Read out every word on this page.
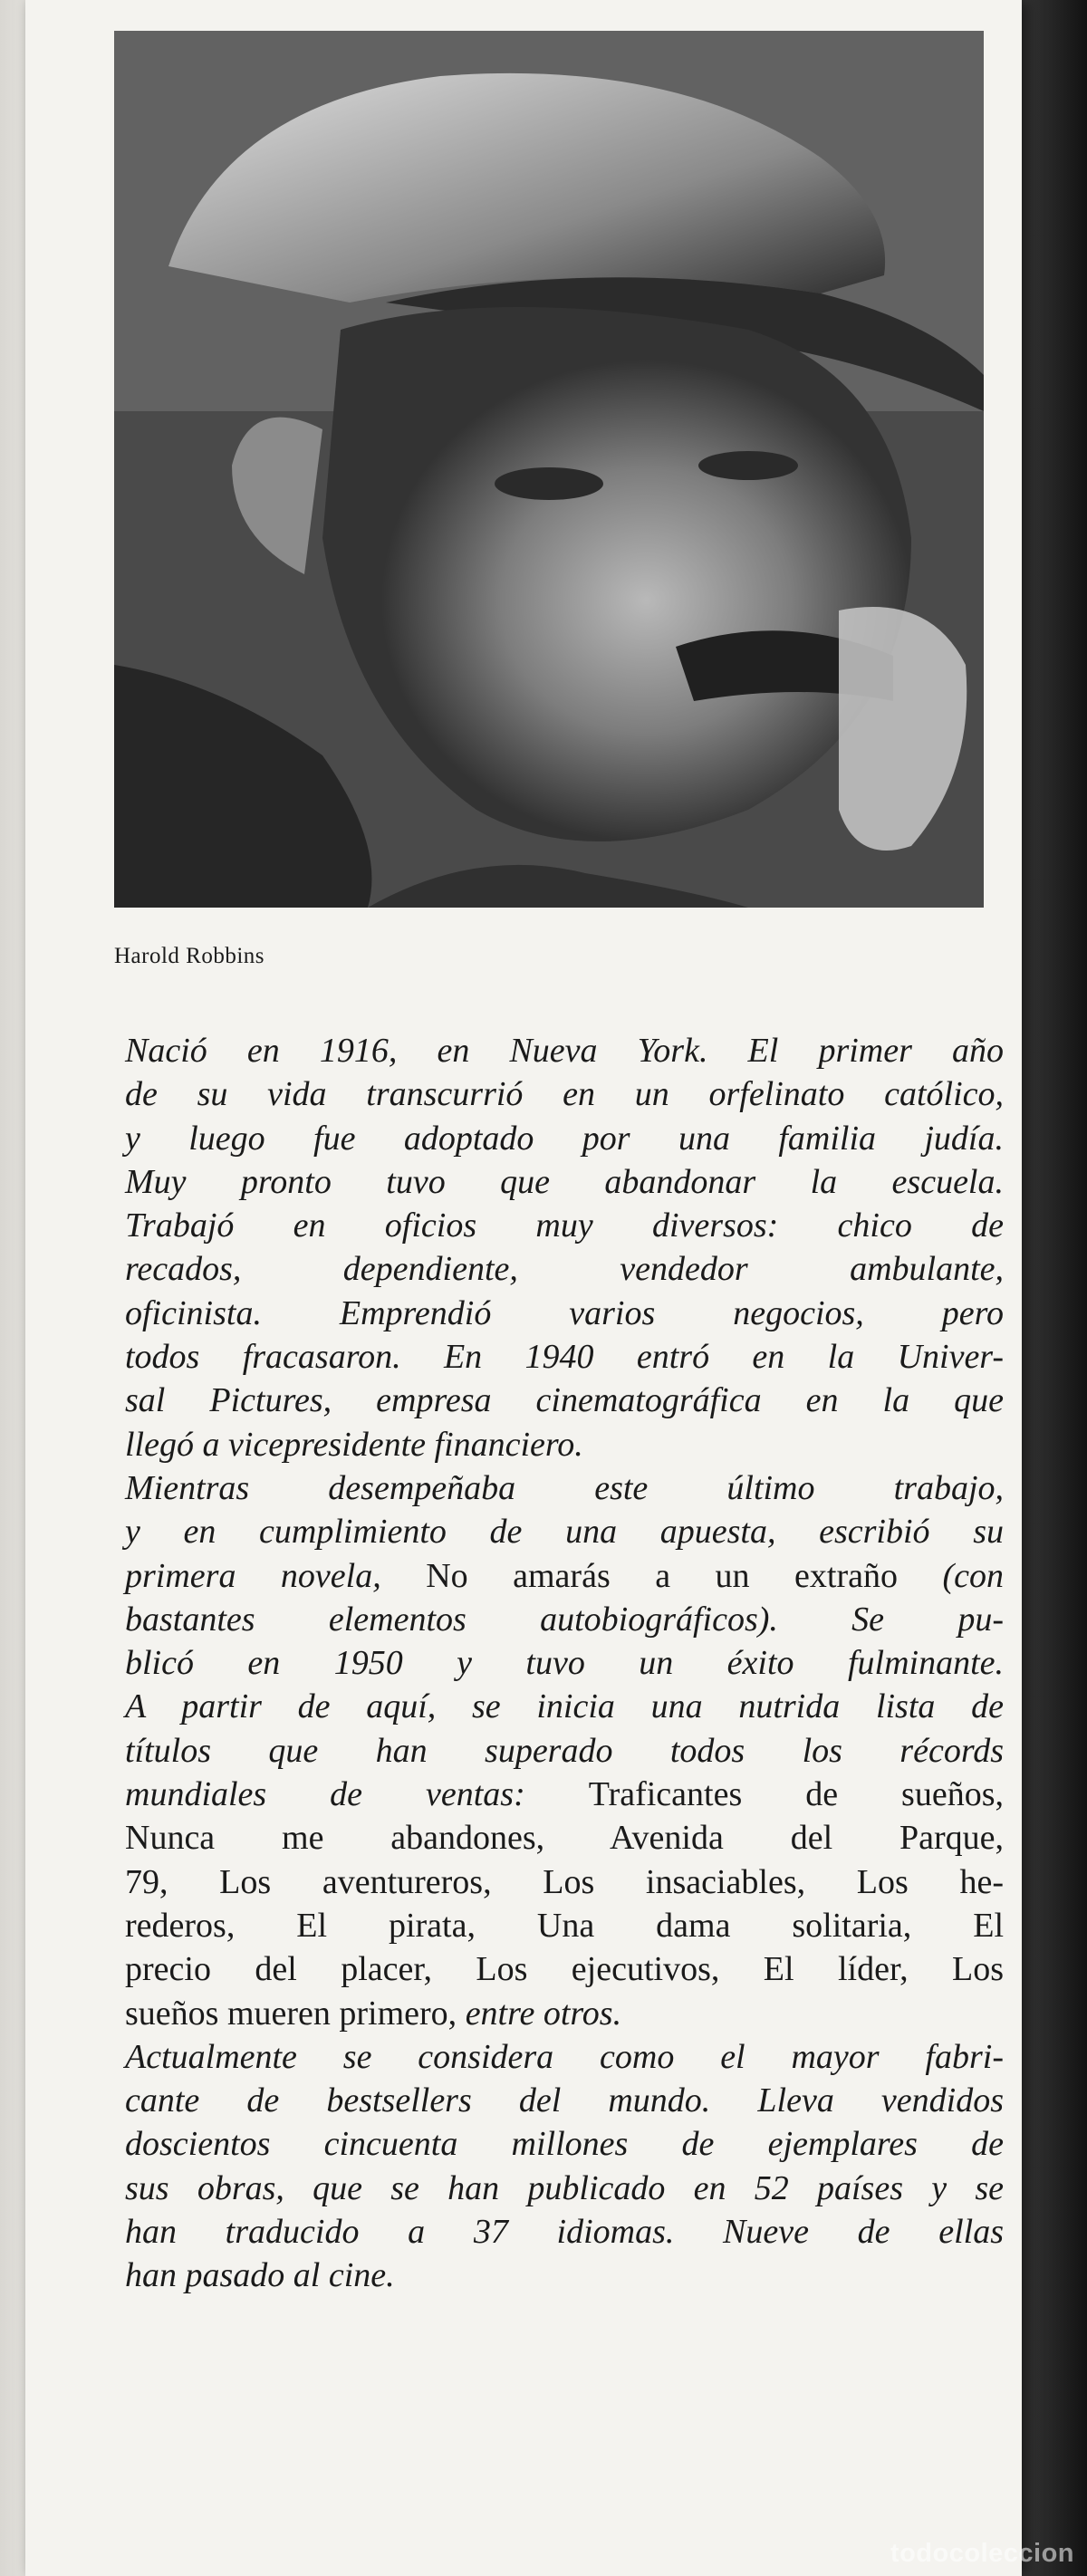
Harold Robbins
Nació en 1916, en Nueva York. El primer año
de su vida transcurrió en un orfelinato católico,
y luego fue adoptado por una familia judía.
Muy pronto tuvo que abandonar la escuela.
Trabajó en oficios muy diversos: chico de
recados, dependiente, vendedor ambulante,
oficinista. Emprendió varios negocios, pero
todos fracasaron. En 1940 entró en la Univer-
sal Pictures, empresa cinematográfica en la que
llegó a vicepresidente financiero.
Mientras desempeñaba este último trabajo,
y en cumplimiento de una apuesta, escribió su
primera novela, No amarás a un extraño (con
bastantes elementos autobiográficos). Se pu-
blicó en 1950 y tuvo un éxito fulminante.
A partir de aquí, se inicia una nutrida lista de
títulos que han superado todos los récords
mundiales de ventas: Traficantes de sueños,
Nunca me abandones, Avenida del Parque,
79, Los aventureros, Los insaciables, Los he-
rederos, El pirata, Una dama solitaria, El
precio del placer, Los ejecutivos, El líder, Los
sueños mueren primero, entre otros.
Actualmente se considera como el mayor fabri-
cante de bestsellers del mundo. Lleva vendidos
doscientos cincuenta millones de ejemplares de
sus obras, que se han publicado en 52 países y se
han traducido a 37 idiomas. Nueve de ellas
han pasado al cine.
todocoleccion
